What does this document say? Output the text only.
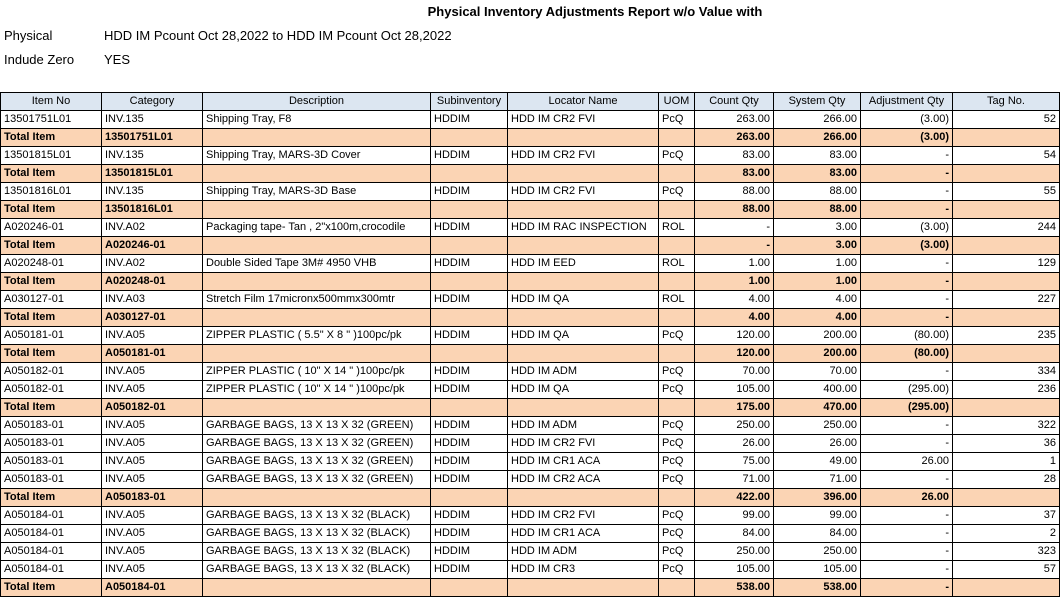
Physical Inventory Adjustments Report w/o Value with
Physical	HDD IM Pcount Oct 28,2022 to HDD IM Pcount Oct 28,2022
Indude Zero YES
Item No	Category	Description	Subinventory	Locator Name	UOM	Count Qty	System Qty	Adjustment Qty	Tag No.
13501751L01	INV.135	Shipping Tray, F8	HDDIM	HDD IM CR2 FVI	PcQ	263.00	266.00	(3.00)	52
Total Item	13501751L01					263.00	266.00	(3.00)	
13501815L01	INV.135	Shipping Tray, MARS-3D Cover	HDDIM	HDD IM CR2 FVI	PcQ	83.00	83.00	-	54
Total Item	13501815L01					83.00	83.00	-	
13501816L01	INV.135	Shipping Tray, MARS-3D Base	HDDIM	HDD IM CR2 FVI	PcQ	88.00	88.00	-	55
Total Item	13501816L01					88.00	88.00	-	
A020246-01	INV.A02	Packaging tape- Tan , 2"x100m,crocodile	HDDIM	HDD IM RAC INSPECTION	ROL	-	3.00	(3.00)	244
Total Item	A020246-01					-	3.00	(3.00)	
A020248-01	INV.A02	Double Sided Tape 3M# 4950 VHB	HDDIM	HDD IM EED	ROL	1.00	1.00	-	129
Total Item	A020248-01					1.00	1.00	-	
A030127-01	INV.A03	Stretch Film 17micronx500mmx300mtr	HDDIM	HDD IM QA	ROL	4.00	4.00	-	227
Total Item	A030127-01					4.00	4.00	-	
A050181-01	INV.A05	ZIPPER PLASTIC ( 5.5" X 8 " )100pc/pk	HDDIM	HDD IM QA	PcQ	120.00	200.00	(80.00)	235
Total Item	A050181-01					120.00	200.00	(80.00)	
A050182-01	INV.A05	ZIPPER PLASTIC ( 10" X 14 " )100pc/pk	HDDIM	HDD IM ADM	PcQ	70.00	70.00	-	334
A050182-01	INV.A05	ZIPPER PLASTIC ( 10" X 14 " )100pc/pk	HDDIM	HDD IM QA	PcQ	105.00	400.00	(295.00)	236
Total Item	A050182-01					175.00	470.00	(295.00)	
A050183-01	INV.A05	GARBAGE BAGS, 13 X 13 X 32 (GREEN)	HDDIM	HDD IM ADM	PcQ	250.00	250.00	-	322
A050183-01	INV.A05	GARBAGE BAGS, 13 X 13 X 32 (GREEN)	HDDIM	HDD IM CR2 FVI	PcQ	26.00	26.00	-	36
A050183-01	INV.A05	GARBAGE BAGS, 13 X 13 X 32 (GREEN)	HDDIM	HDD IM CR1 ACA	PcQ	75.00	49.00	26.00	1
A050183-01	INV.A05	GARBAGE BAGS, 13 X 13 X 32 (GREEN)	HDDIM	HDD IM CR2 ACA	PcQ	71.00	71.00	-	28
Total Item	A050183-01					422.00	396.00	26.00	
A050184-01	INV.A05	GARBAGE BAGS, 13 X 13 X 32 (BLACK)	HDDIM	HDD IM CR2 FVI	PcQ	99.00	99.00	-	37
A050184-01	INV.A05	GARBAGE BAGS, 13 X 13 X 32 (BLACK)	HDDIM	HDD IM CR1 ACA	PcQ	84.00	84.00	-	2
A050184-01	INV.A05	GARBAGE BAGS, 13 X 13 X 32 (BLACK)	HDDIM	HDD IM ADM	PcQ	250.00	250.00	-	323
A050184-01	INV.A05	GARBAGE BAGS, 13 X 13 X 32 (BLACK)	HDDIM	HDD IM CR3	PcQ	105.00	105.00	-	57
Total Item	A050184-01					538.00	538.00	-	
